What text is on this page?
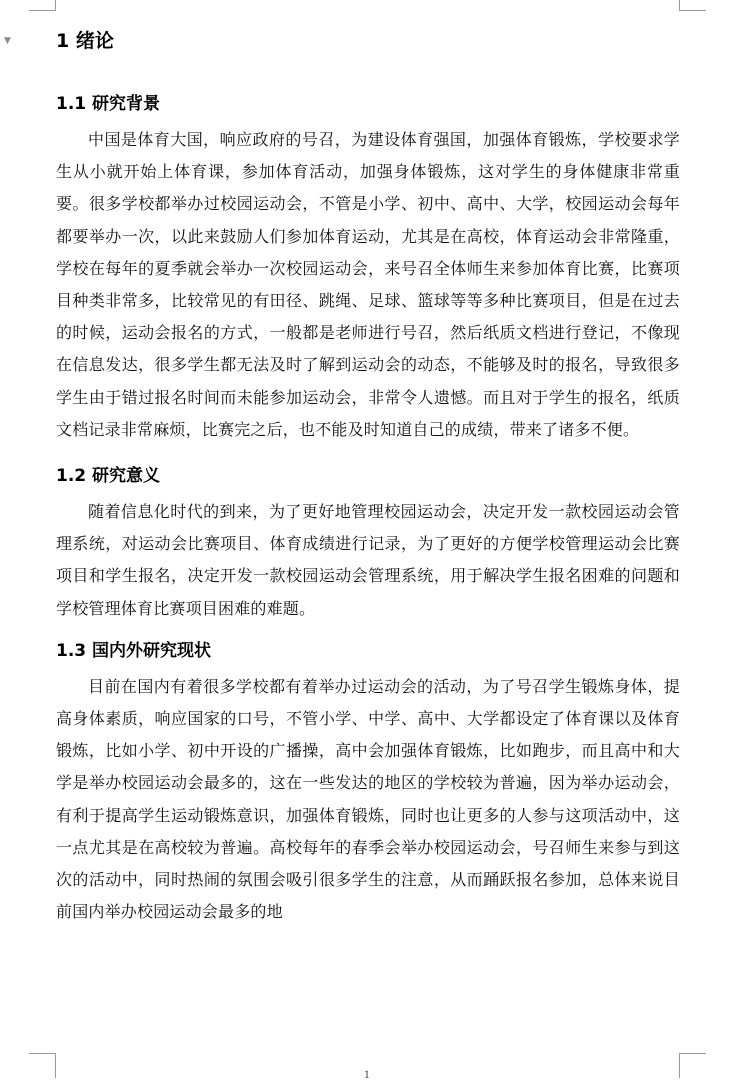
▼ 1 绪论
1.1 研究背景

中国是体育大国，响应政府的号召，为建设体育强国，加强体育锻炼，学校要求学生从小就开始上体育课，参加体育活动，加强身体锻炼，这对学生的身体健康非常重要。很多学校都举办过校园运动会，不管是小学、初中、高中、大学，校园运动会每年都要举办一次，以此来鼓励人们参加体育运动，尤其是在高校，体育运动会非常隆重，学校在每年的夏季就会举办一次校园运动会，来号召全体师生来参加体育比赛，比赛项目种类非常多，比较常见的有田径、跳绳、足球、篮球等等多种比赛项目，但是在过去的时候，运动会报名的方式，一般都是老师进行号召，然后纸质文档进行登记，不像现在信息发达，很多学生都无法及时了解到运动会的动态，不能够及时的报名，导致很多学生由于错过报名时间而未能参加运动会，非常令人遗憾。而且对于学生的报名，纸质文档记录非常麻烦，比赛完之后，也不能及时知道自己的成绩，带来了诸多不便。

1.2 研究意义

随着信息化时代的到来，为了更好地管理校园运动会，决定开发一款校园运动会管理系统，对运动会比赛项目、体育成绩进行记录，为了更好的方便学校管理运动会比赛项目和学生报名，决定开发一款校园运动会管理系统，用于解决学生报名困难的问题和学校管理体育比赛项目困难的难题。

1.3 国内外研究现状

目前在国内有着很多学校都有着举办过运动会的活动，为了号召学生锻炼身体，提高身体素质，响应国家的口号，不管小学、中学、高中、大学都设定了体育课以及体育锻炼，比如小学、初中开设的广播操，高中会加强体育锻炼，比如跑步，而且高中和大学是举办校园运动会最多的，这在一些发达的地区的学校较为普遍，因为举办运动会，有利于提高学生运动锻炼意识，加强体育锻炼，同时也让更多的人参与这项活动中，这一点尤其是在高校较为普遍。高校每年的春季会举办校园运动会，号召师生来参与到这次的活动中，同时热闹的氛围会吸引很多学生的注意，从而踊跃报名参加，总体来说目前国内举办校园运动会最多的地

1
